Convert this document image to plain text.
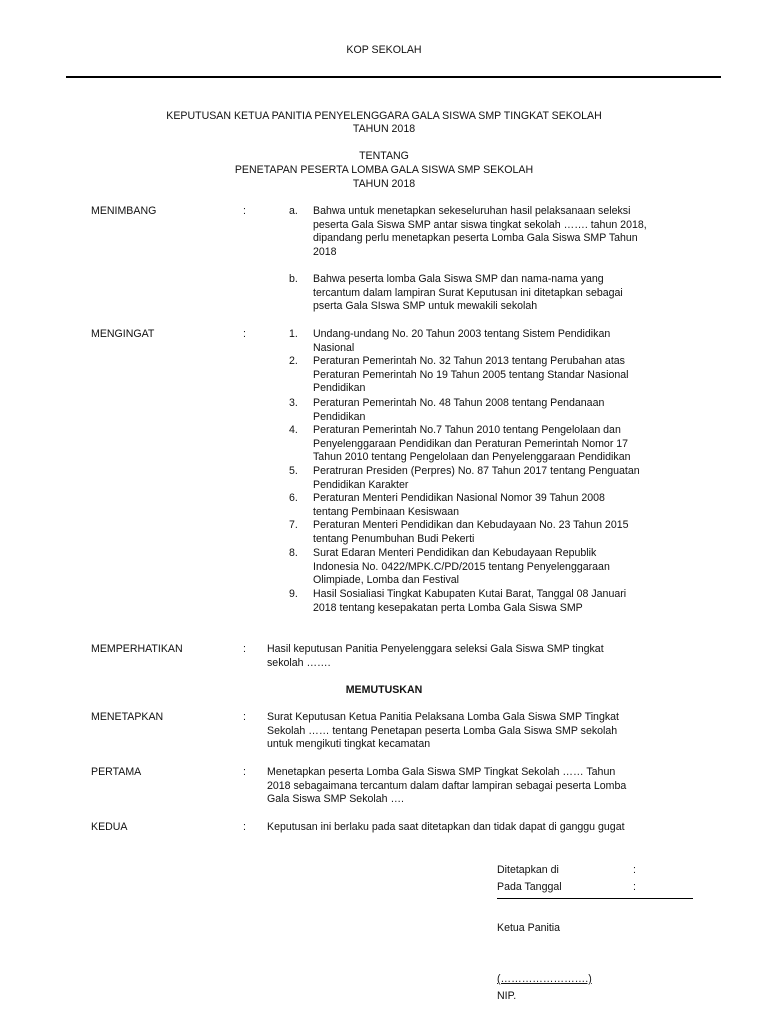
KOP SEKOLAH
KEPUTUSAN KETUA PANITIA PENYELENGGARA GALA SISWA SMP TINGKAT SEKOLAH
TAHUN 2018
TENTANG
PENETAPAN PESERTA LOMBA GALA SISWA SMP SEKOLAH
TAHUN 2018
MENIMBANG	:	a. Bahwa untuk menetapkan sekeseluruhan hasil pelaksanaan seleksi
peserta Gala Siswa SMP antar siswa tingkat sekolah ……. tahun 2018,
dipandang perlu menetapkan peserta Lomba Gala Siswa SMP Tahun
2018
b. Bahwa peserta lomba Gala Siswa SMP dan nama-nama yang
tercantum dalam lampiran Surat Keputusan ini ditetapkan sebagai
pserta Gala SIswa SMP untuk mewakili sekolah
MENGINGAT	:	1. Undang-undang No. 20 Tahun 2003 tentang Sistem Pendidikan
Nasional
2. Peraturan Pemerintah No. 32 Tahun 2013 tentang Perubahan atas
Peraturan Pemerintah No 19 Tahun 2005 tentang Standar Nasional
Pendidikan
3. Peraturan Pemerintah No. 48 Tahun 2008 tentang Pendanaan
Pendidikan
4. Peraturan Pemerintah No.7 Tahun 2010 tentang Pengelolaan dan
Penyelenggaraan Pendidikan dan Peraturan Pemerintah Nomor 17
Tahun 2010 tentang Pengelolaan dan Penyelenggaraan Pendidikan
5. Peratruran Presiden (Perpres) No. 87 Tahun 2017 tentang Penguatan
Pendidikan Karakter
6. Peraturan Menteri Pendidikan Nasional Nomor 39 Tahun 2008
tentang Pembinaan Kesiswaan
7. Peraturan Menteri Pendidikan dan Kebudayaan No. 23 Tahun 2015
tentang Penumbuhan Budi Pekerti
8. Surat Edaran Menteri Pendidikan dan Kebudayaan Republik
Indonesia No. 0422/MPK.C/PD/2015 tentang Penyelenggaraan
Olimpiade, Lomba dan Festival
9. Hasil Sosialiasi Tingkat Kabupaten Kutai Barat, Tanggal 08 Januari
2018 tentang kesepakatan perta Lomba Gala Siswa SMP
MEMPERHATIKAN	: Hasil keputusan Panitia Penyelenggara seleksi Gala Siswa SMP tingkat
sekolah …….
MEMUTUSKAN
MENETAPKAN	: Surat Keputusan Ketua Panitia Pelaksana Lomba Gala Siswa SMP Tingkat
Sekolah …… tentang Penetapan peserta Lomba Gala Siswa SMP sekolah
untuk mengikuti tingkat kecamatan
PERTAMA	: Menetapkan peserta Lomba Gala Siswa SMP Tingkat Sekolah …… Tahun
2018 sebagaimana tercantum dalam daftar lampiran sebagai peserta Lomba
Gala Siswa SMP Sekolah ….
KEDUA	: Keputusan ini berlaku pada saat ditetapkan dan tidak dapat di ganggu gugat
Ditetapkan di	:
Pada Tanggal	:
Ketua Panitia
(…………………….)
NIP.
